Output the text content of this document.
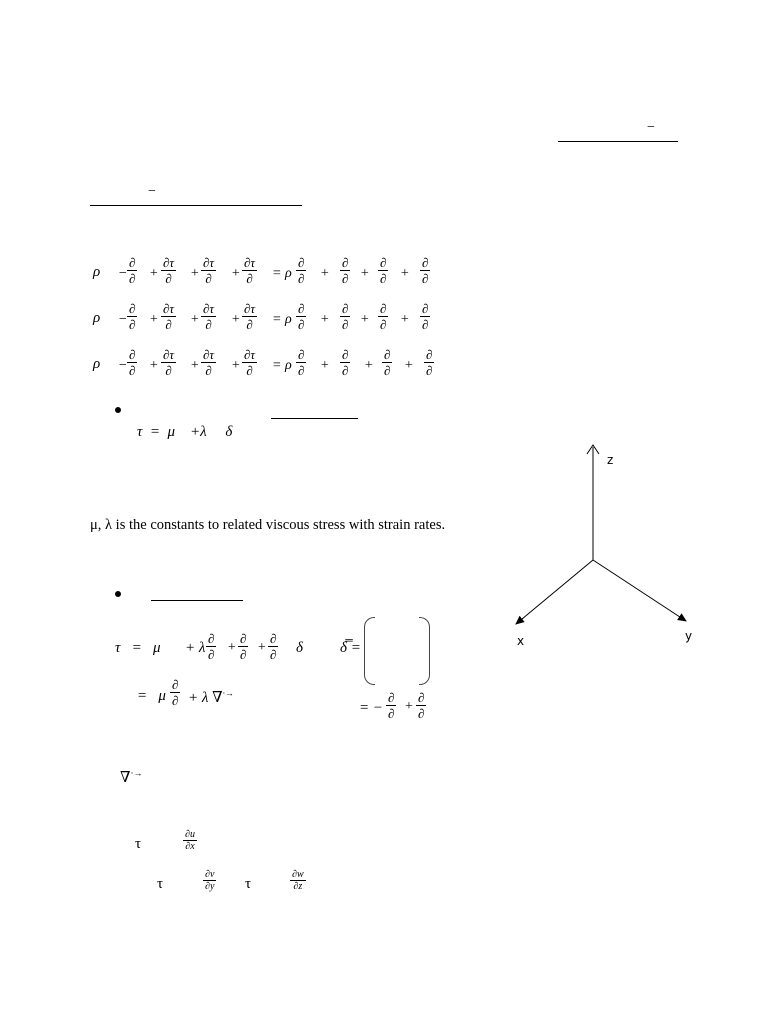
−
−
ρ −
∂
∂ +
∂τ
∂ +
∂τ
∂ +
∂τ
∂ = ρ
∂
∂ +
∂
∂ +
∂
∂ +
∂
∂
ρ −
∂
∂ +
∂τ
∂ +
∂τ
∂ +
∂τ
∂ = ρ
∂
∂ +
∂
∂ +
∂
∂ +
∂
∂
ρ −
∂
∂ +
∂τ
∂ +
∂τ
∂ +
∂τ
∂ = ρ
∂
∂ +
∂
∂ +
∂
∂ +
∂
∂
τ  =  μ    +λ δ
μ, λ is the constants to related viscous stress with strain rates.
τ   =   μ + λ
∂
∂ +
∂
∂ +
∂
∂ δ δ̿ =
=   μ
∂
∂ + λ ∇·→
= −
∂
∂ +
∂
∂
∇·→
τ
∂u
∂x
τ
∂v
∂y τ
∂w
∂z
z
x	y
